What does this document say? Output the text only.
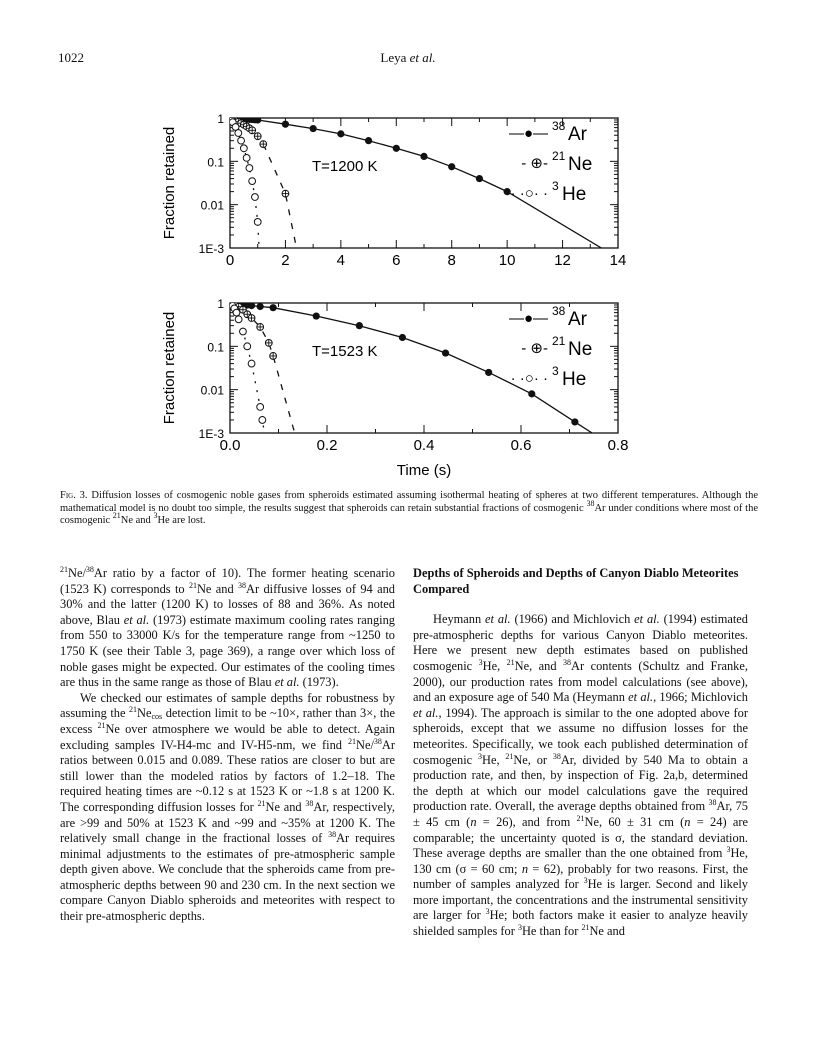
1022	Leya et al.
1
0.1
0.01
1E-3
Fraction retained
0	2	4	6	8	10	12	14
T=1200 K
—●— 38 Ar
- ⊕- 21 Ne
· ·○· · 3 He
1
0.1
0.01
1E-3
Fraction retained
0.0	0.2	0.4	0.6	0.8
Time (s)
T=1523 K
—●— 38 Ar
- ⊕- 21 Ne
· ·○· · 3 He
Fig. 3. Diffusion losses of cosmogenic noble gases from spheroids estimated assuming isothermal heating of spheres at two different temperatures. Although the mathematical model is no doubt too simple, the results suggest that spheroids can retain substantial fractions of cosmogenic $^{38}$Ar under conditions where most of the cosmogenic $^{21}$Ne and $^3$He are lost.

$^{21}$Ne/$^{38}$Ar ratio by a factor of 10). The former heating scenario (1523 K) corresponds to $^{21}$Ne and $^{38}$Ar diffusive losses of 94 and 30% and the latter (1200 K) to losses of 88 and 36%. As noted above, Blau et al. (1973) estimate maximum cooling rates ranging from 550 to 33000 K/s for the temperature range from ~1250 to 1750 K (see their Table 3, page 369), a range over which loss of noble gases might be expected. Our estimates of the cooling times are thus in the same range as those of Blau et al. (1973).

We checked our estimates of sample depths for robustness by assuming the $^{21}Ne_{cos}$ detection limit to be ~10×, rather than 3×, the excess $^{21}$Ne over atmosphere we would be able to detect. Again excluding samples IV-H4-mc and IV-H5-nm, we find $^{21}$Ne/$^{38}$Ar ratios between 0.015 and 0.089. These ratios are closer to but are still lower than the modeled ratios by factors of 1.2–18. The required heating times are ~0.12 s at 1523 K or ~1.8 s at 1200 K. The corresponding diffusion losses for $^{21}$Ne and $^{38}$Ar, respectively, are >99 and 50% at 1523 K and ~99 and ~35% at 1200 K. The relatively small change in the fractional losses of $^{38}$Ar requires minimal adjustments to the estimates of pre-atmospheric sample depth given above. We conclude that the spheroids came from pre-atmospheric depths between 90 and 230 cm. In the next section we compare Canyon Diablo spheroids and meteorites with respect to their pre-atmospheric depths.

Depths of Spheroids and Depths of Canyon Diablo Meteorites Compared

Heymann et al. (1966) and Michlovich et al. (1994) estimated pre-atmospheric depths for various Canyon Diablo meteorites. Here we present new depth estimates based on published cosmogenic $^3$He, $^{21}$Ne, and $^{38}$Ar contents (Schultz and Franke, 2000), our production rates from model calculations (see above), and an exposure age of 540 Ma (Heymann et al., 1966; Michlovich et al., 1994). The approach is similar to the one adopted above for spheroids, except that we assume no diffusion losses for the meteorites. Specifically, we took each published determination of cosmogenic $^3$He, $^{21}$Ne, or $^{38}$Ar, divided by 540 Ma to obtain a production rate, and then, by inspection of Fig. 2a,b, determined the depth at which our model calculations gave the required production rate. Overall, the average depths obtained from $^{38}$Ar, 75 ± 45 cm (n = 26), and from $^{21}$Ne, 60 ± 31 cm (n = 24) are comparable; the uncertainty quoted is σ, the standard deviation. These average depths are smaller than the one obtained from $^3$He, 130 cm (σ = 60 cm; n = 62), probably for two reasons. First, the number of samples analyzed for $^3$He is larger. Second and likely more important, the concentrations and the instrumental sensitivity are larger for $^3$He; both factors make it easier to analyze heavily shielded samples for $^3$He than for $^{21}$Ne and
